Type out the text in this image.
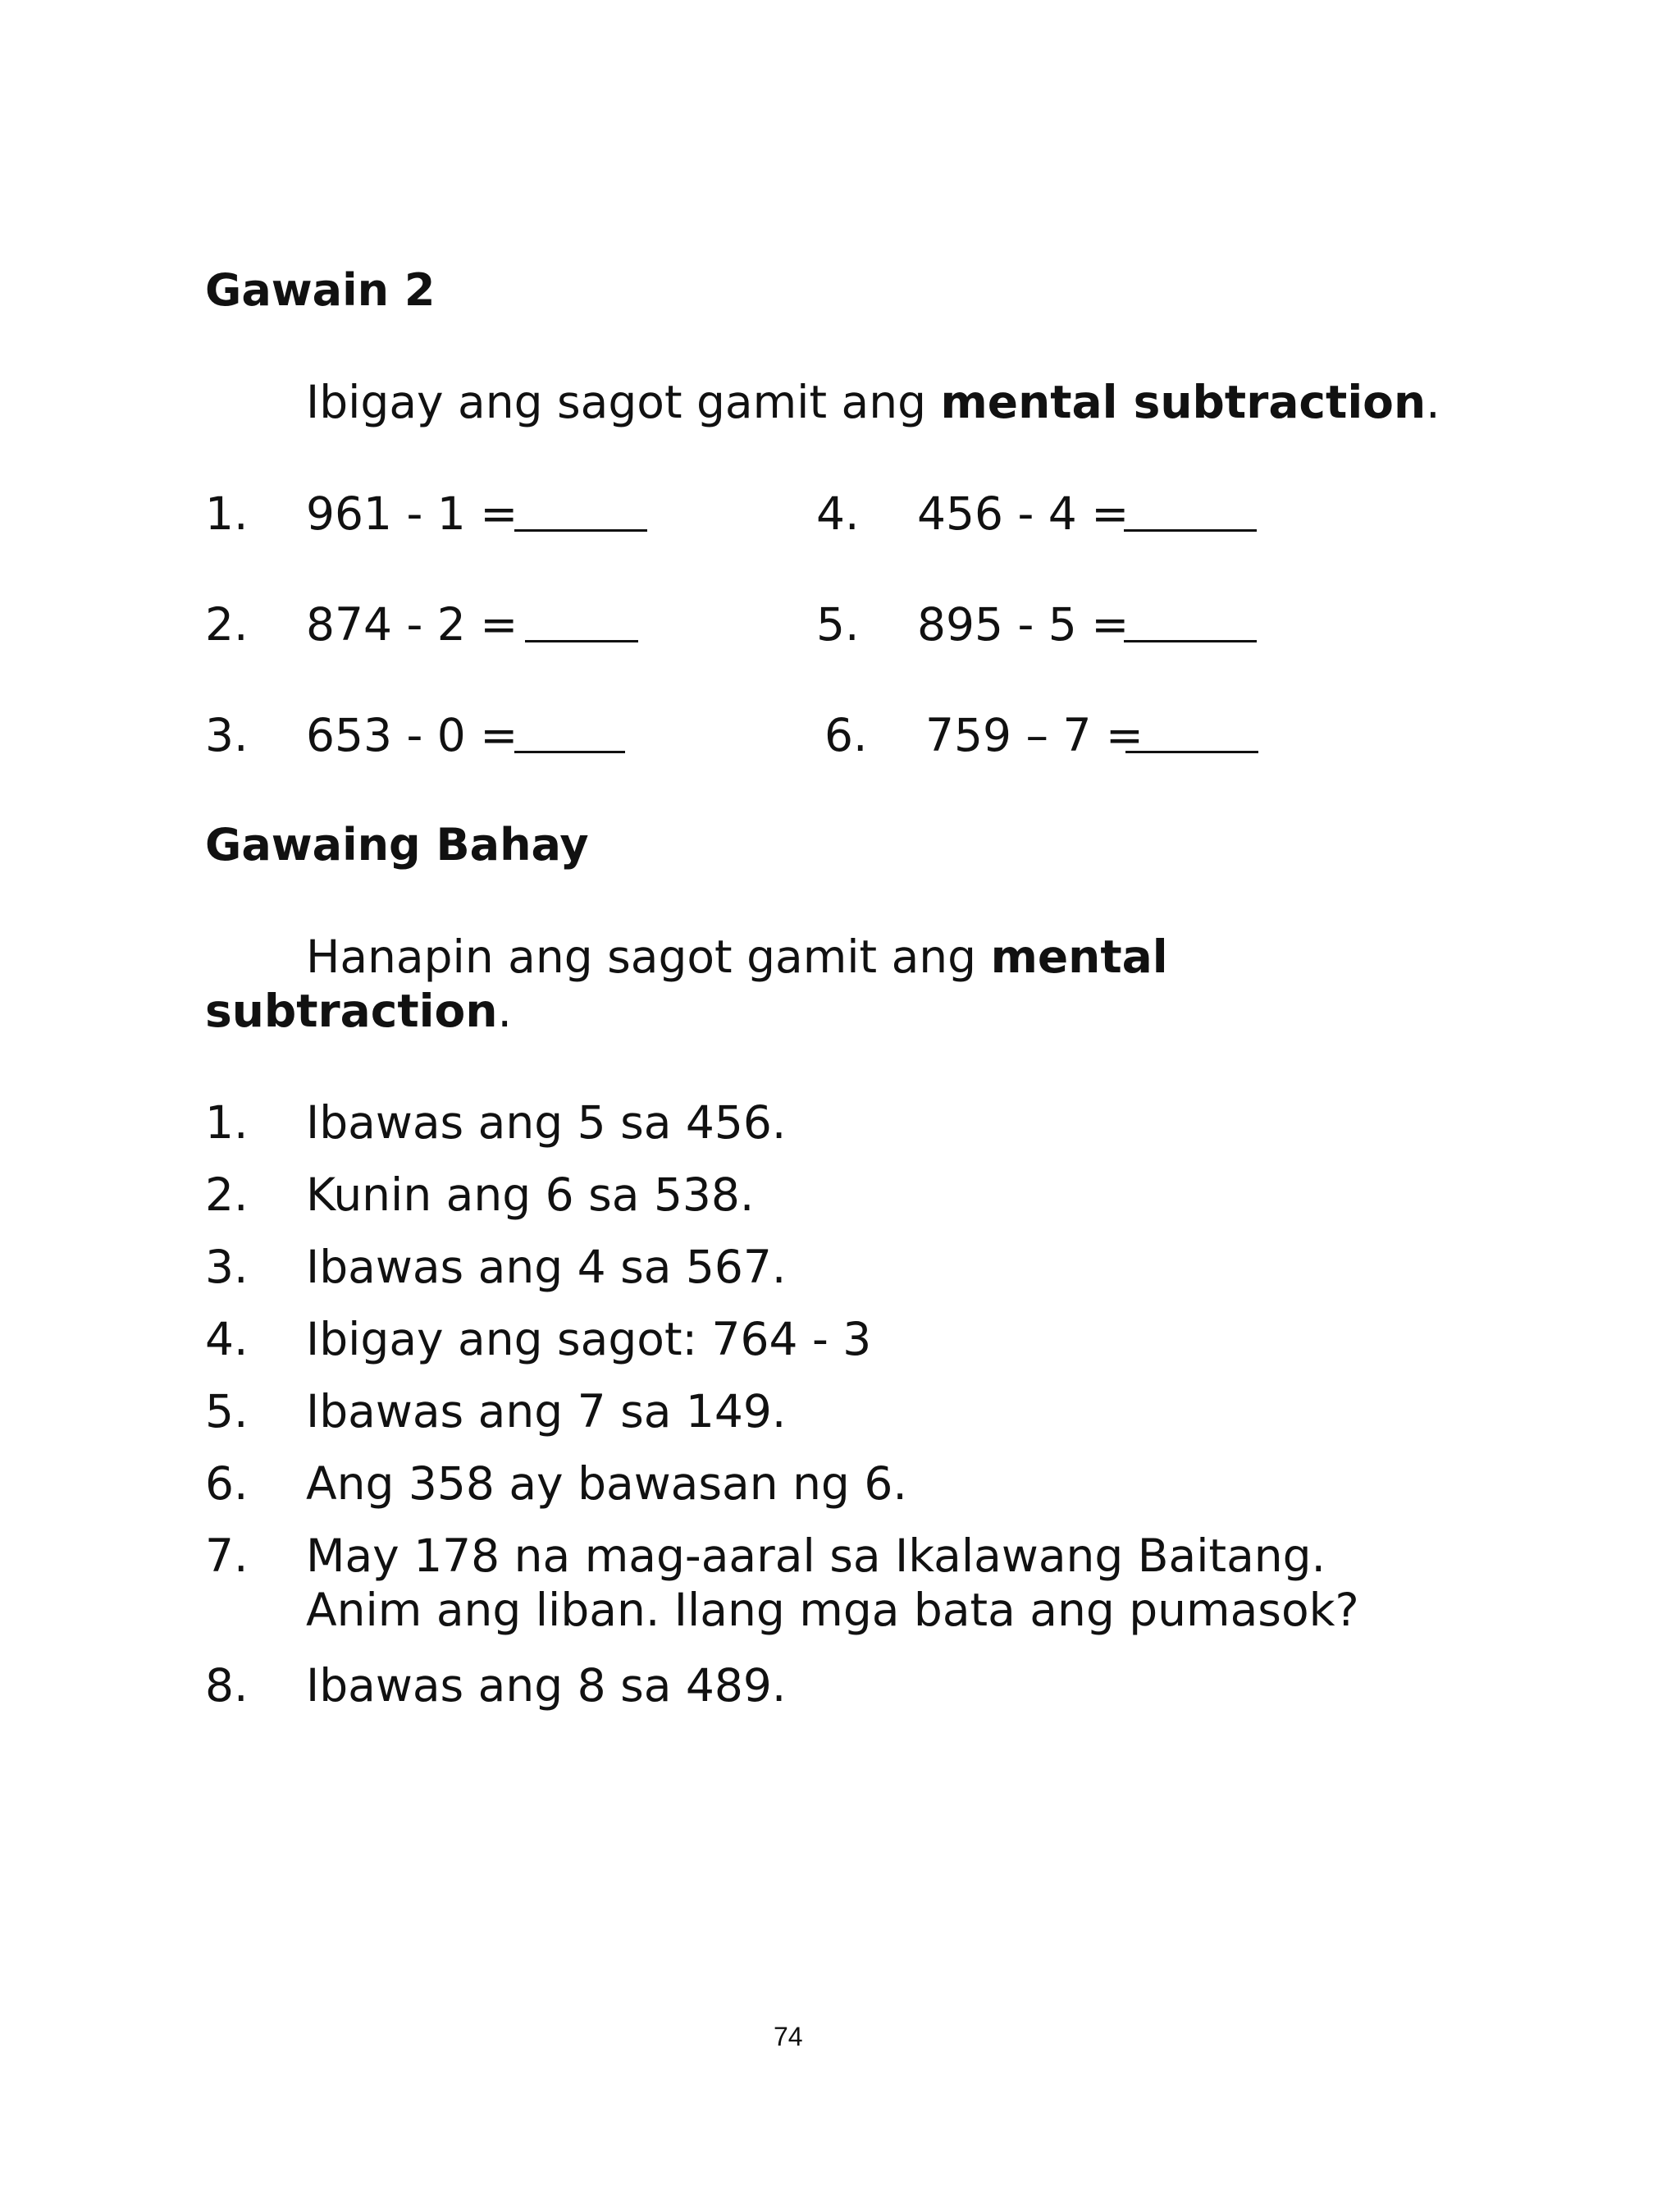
Gawain 2
Ibigay ang sagot gamit ang mental subtraction.
1. 961 - 1 =
2. 874 - 2 =
3. 653 - 0 =
4. 456 - 4 =
5. 895 - 5 =
6. 759 – 7 =
Gawaing Bahay
Hanapin ang sagot gamit ang mental
subtraction.
1. Ibawas ang 5 sa 456.
2. Kunin ang 6 sa 538.
3. Ibawas ang 4 sa 567.
4. Ibigay ang sagot: 764 - 3
5. Ibawas ang 7 sa 149.
6. Ang 358 ay bawasan ng 6.
7. May 178 na mag-aaral sa Ikalawang Baitang.
Anim ang liban. Ilang mga bata ang pumasok?
8. Ibawas ang 8 sa 489.
74
